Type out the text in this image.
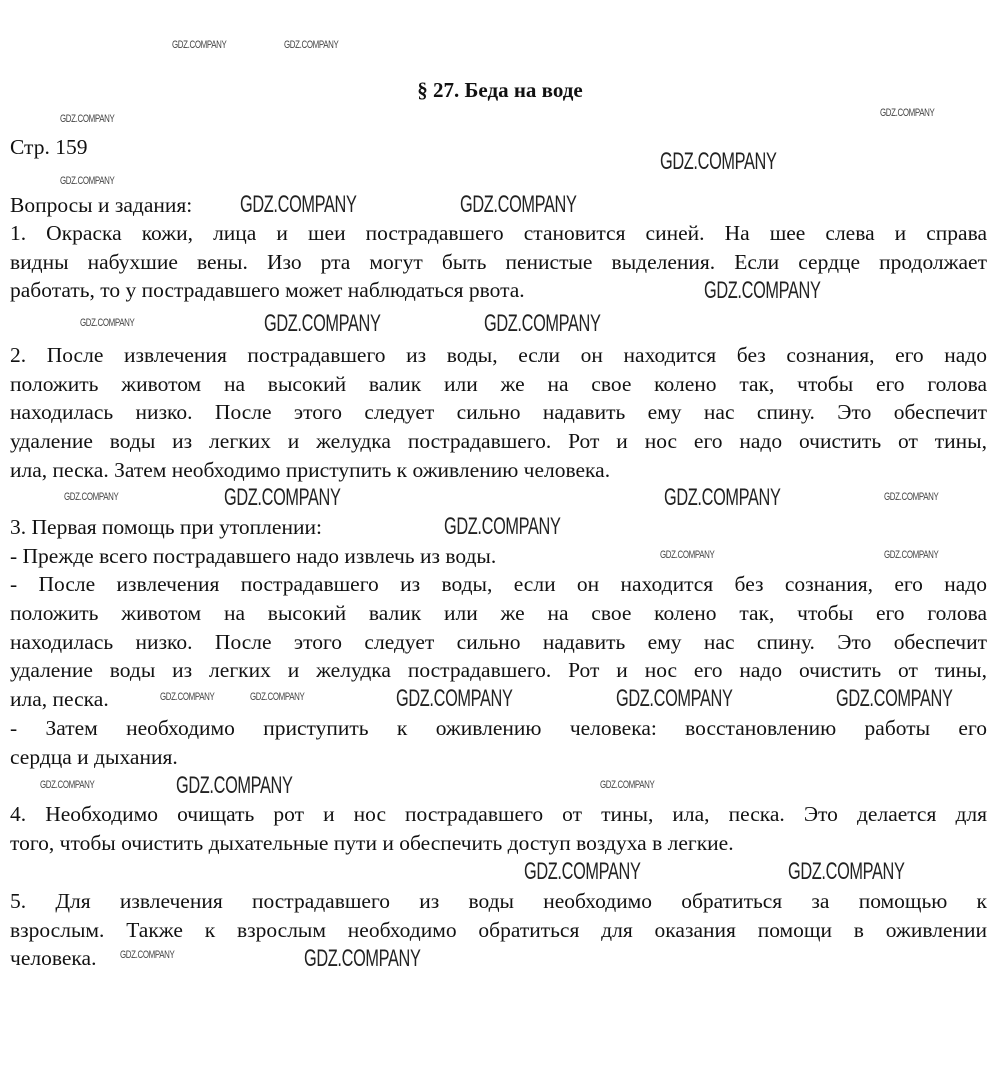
§ 27. Беда на воде
Стр. 159
Вопросы и задания:
1. Окраска кожи, лица и шеи пострадавшего становится синей. На шее слева и справа
видны набухшие вены. Изо рта могут быть пенистые выделения. Если сердце продолжает
работать, то у пострадавшего может наблюдаться рвота.
2. После извлечения пострадавшего из воды, если он находится без сознания, его надо
положить животом на высокий валик или же на свое колено так, чтобы его голова
находилась низко. После этого следует сильно надавить ему нас спину. Это обеспечит
удаление воды из легких и желудка пострадавшего. Рот и нос его надо очистить от тины,
ила, песка. Затем необходимо приступить к оживлению человека.
3. Первая помощь при утоплении:
- Прежде всего пострадавшего надо извлечь из воды.
- После извлечения пострадавшего из воды, если он находится без сознания, его надо
положить животом на высокий валик или же на свое колено так, чтобы его голова
находилась низко. После этого следует сильно надавить ему нас спину. Это обеспечит
удаление воды из легких и желудка пострадавшего. Рот и нос его надо очистить от тины,
ила, песка.
- Затем необходимо приступить к оживлению человека: восстановлению работы его
сердца и дыхания.
4. Необходимо очищать рот и нос пострадавшего от тины, ила, песка. Это делается для
того, чтобы очистить дыхательные пути и обеспечить доступ воздуха в легкие.
5. Для извлечения пострадавшего из воды необходимо обратиться за помощью к
взрослым. Также к взрослым необходимо обратиться для оказания помощи в оживлении
человека.
GDZ.COMPANY	GDZ.COMPANY
GDZ.COMPANY
GDZ.COMPANY
GDZ.COMPANY
GDZ.COMPANY	GDZ.COMPANY
GDZ.COMPANY
GDZ.COMPANY
GDZ.COMPANY	GDZ.COMPANY	GDZ.COMPANY
GDZ.COMPANY	GDZ.COMPANY
GDZ.COMPANY
GDZ.COMPANY
GDZ.COMPANY
GDZ.COMPANY
GDZ.COMPANY
GDZ.COMPANY	GDZ.COMPANY	GDZ.COMPANY	GDZ.COMPANY	GDZ.COMPANY
GDZ.COMPANY
GDZ.COMPANY	GDZ.COMPANY
GDZ.COMPANY	GDZ.COMPANY
GDZ.COMPANY	GDZ.COMPANY
